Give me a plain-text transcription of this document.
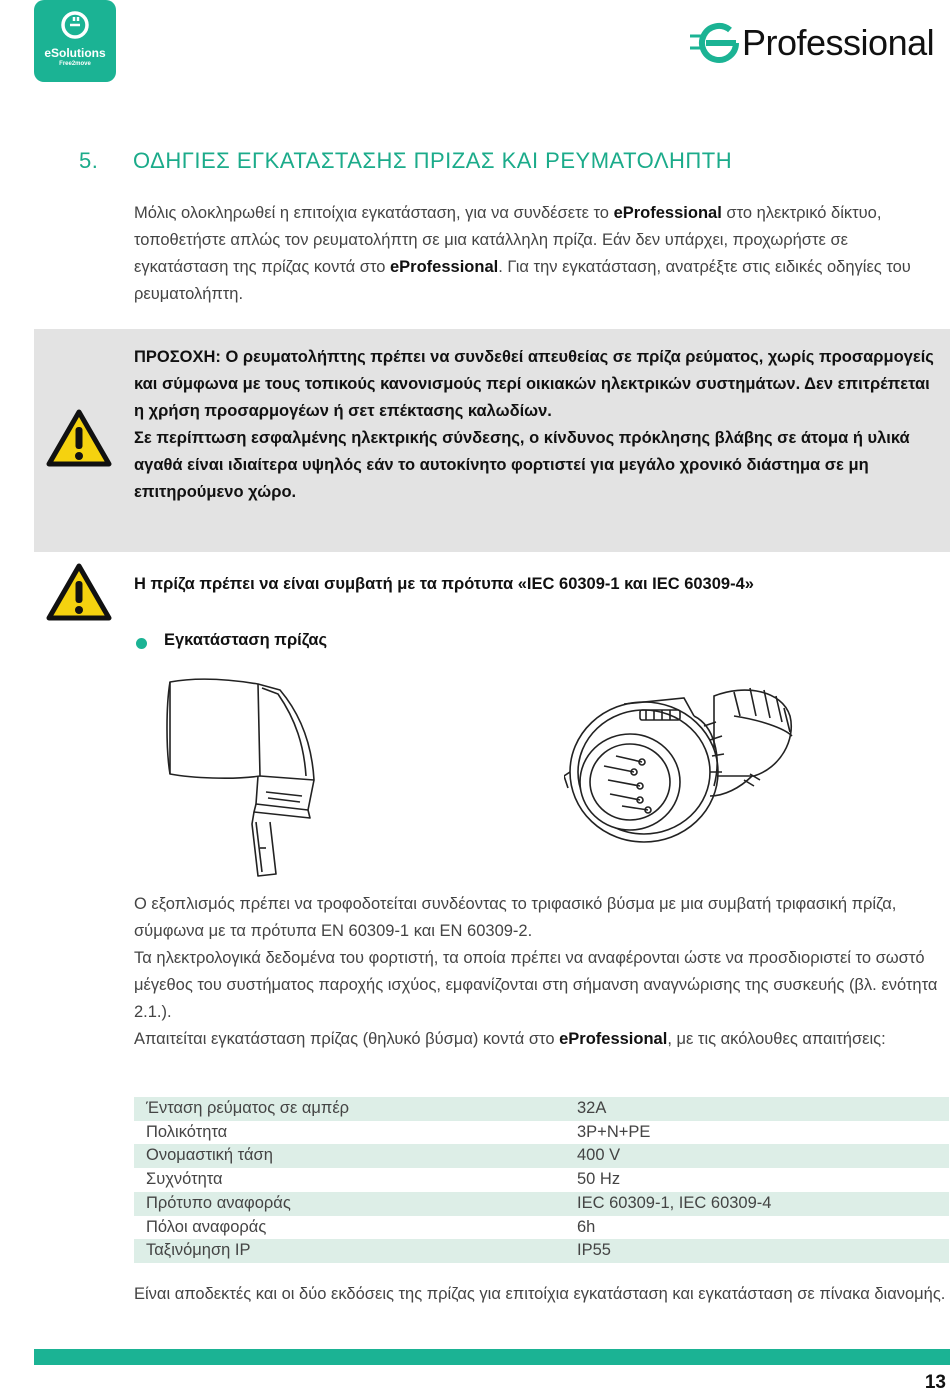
eSolutions
Free2move
Professional
5. ΟΔΗΓΙΕΣ ΕΓΚΑΤΑΣΤΑΣΗΣ ΠΡΙΖΑΣ ΚΑΙ ΡΕΥΜΑΤΟΛΗΠΤΗ
Μόλις ολοκληρωθεί η επιτοίχια εγκατάσταση, για να συνδέσετε το eProfessional στο ηλεκτρικό δίκτυο, τοποθετήστε απλώς τον ρευματολήπτη σε μια κατάλληλη πρίζα. Εάν δεν υπάρχει, προχωρήστε σε εγκατάσταση της πρίζας κοντά στο eProfessional. Για την εγκατάσταση, ανατρέξτε στις ειδικές οδηγίες του ρευματολήπτη.
ΠΡΟΣΟΧΗ: Ο ρευματολήπτης πρέπει να συνδεθεί απευθείας σε πρίζα ρεύματος, χωρίς προσαρμογείς και σύμφωνα με τους τοπικούς κανονισμούς περί οικιακών ηλεκτρικών συστημάτων. Δεν επιτρέπεται η χρήση προσαρμογέων ή σετ επέκτασης καλωδίων.
Σε περίπτωση εσφαλμένης ηλεκτρικής σύνδεσης, ο κίνδυνος πρόκλησης βλάβης σε άτομα ή υλικά αγαθά είναι ιδιαίτερα υψηλός εάν το αυτοκίνητο φορτιστεί για μεγάλο χρονικό διάστημα σε μη επιτηρούμενο χώρο.
Η πρίζα πρέπει να είναι συμβατή με τα πρότυπα «IEC 60309-1 και IEC 60309-4»
Εγκατάσταση πρίζας
Ο εξοπλισμός πρέπει να τροφοδοτείται συνδέοντας το τριφασικό βύσμα με μια συμβατή τριφασική πρίζα, σύμφωνα με τα πρότυπα EN 60309-1 και EN 60309-2.
Τα ηλεκτρολογικά δεδομένα του φορτιστή, τα οποία πρέπει να αναφέρονται ώστε να προσδιοριστεί το σωστό μέγεθος του συστήματος παροχής ισχύος, εμφανίζονται στη σήμανση αναγνώρισης της συσκευής (βλ. ενότητα 2.1.).
Απαιτείται εγκατάσταση πρίζας (θηλυκό βύσμα) κοντά στο eProfessional, με τις ακόλουθες απαιτήσεις:
Ένταση ρεύματος σε αμπέρ	32A
Πολικότητα	3P+N+PE
Ονομαστική τάση	400 V
Συχνότητα	50 Hz
Πρότυπο αναφοράς	IEC 60309-1, IEC 60309-4
Πόλοι αναφοράς	6h
Ταξινόμηση IP	IP55
Είναι αποδεκτές και οι δύο εκδόσεις της πρίζας για επιτοίχια εγκατάσταση και εγκατάσταση σε πίνακα διανομής.
13
